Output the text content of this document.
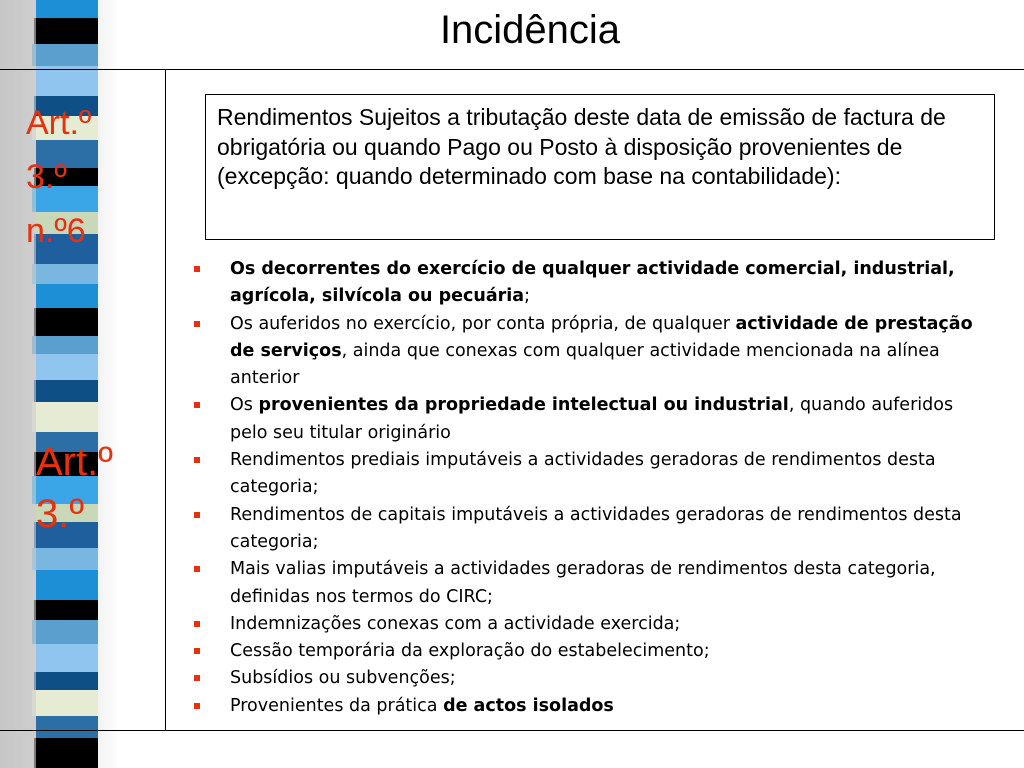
Incidência
Art.º
3.º
n.º6
Art.º
3.º
Rendimentos Sujeitos a tributação deste data de emissão de factura de obrigatória ou quando Pago ou Posto à disposição provenientes de (excepção: quando determinado com base na contabilidade):
Os decorrentes do exercício de qualquer actividade comercial, industrial, agrícola, silvícola ou pecuária;
Os auferidos no exercício, por conta própria, de qualquer actividade de prestação de serviços, ainda que conexas com qualquer actividade mencionada na alínea anterior
Os provenientes da propriedade intelectual ou industrial, quando auferidos pelo seu titular originário
Rendimentos prediais imputáveis a actividades geradoras de rendimentos desta categoria;
Rendimentos de capitais imputáveis a actividades geradoras de rendimentos desta categoria;
Mais valias imputáveis a actividades geradoras de rendimentos desta categoria, definidas nos termos do CIRC;
Indemnizações conexas com a actividade exercida;
Cessão temporária da exploração do estabelecimento;
Subsídios ou subvenções;
Provenientes da prática de actos isolados
